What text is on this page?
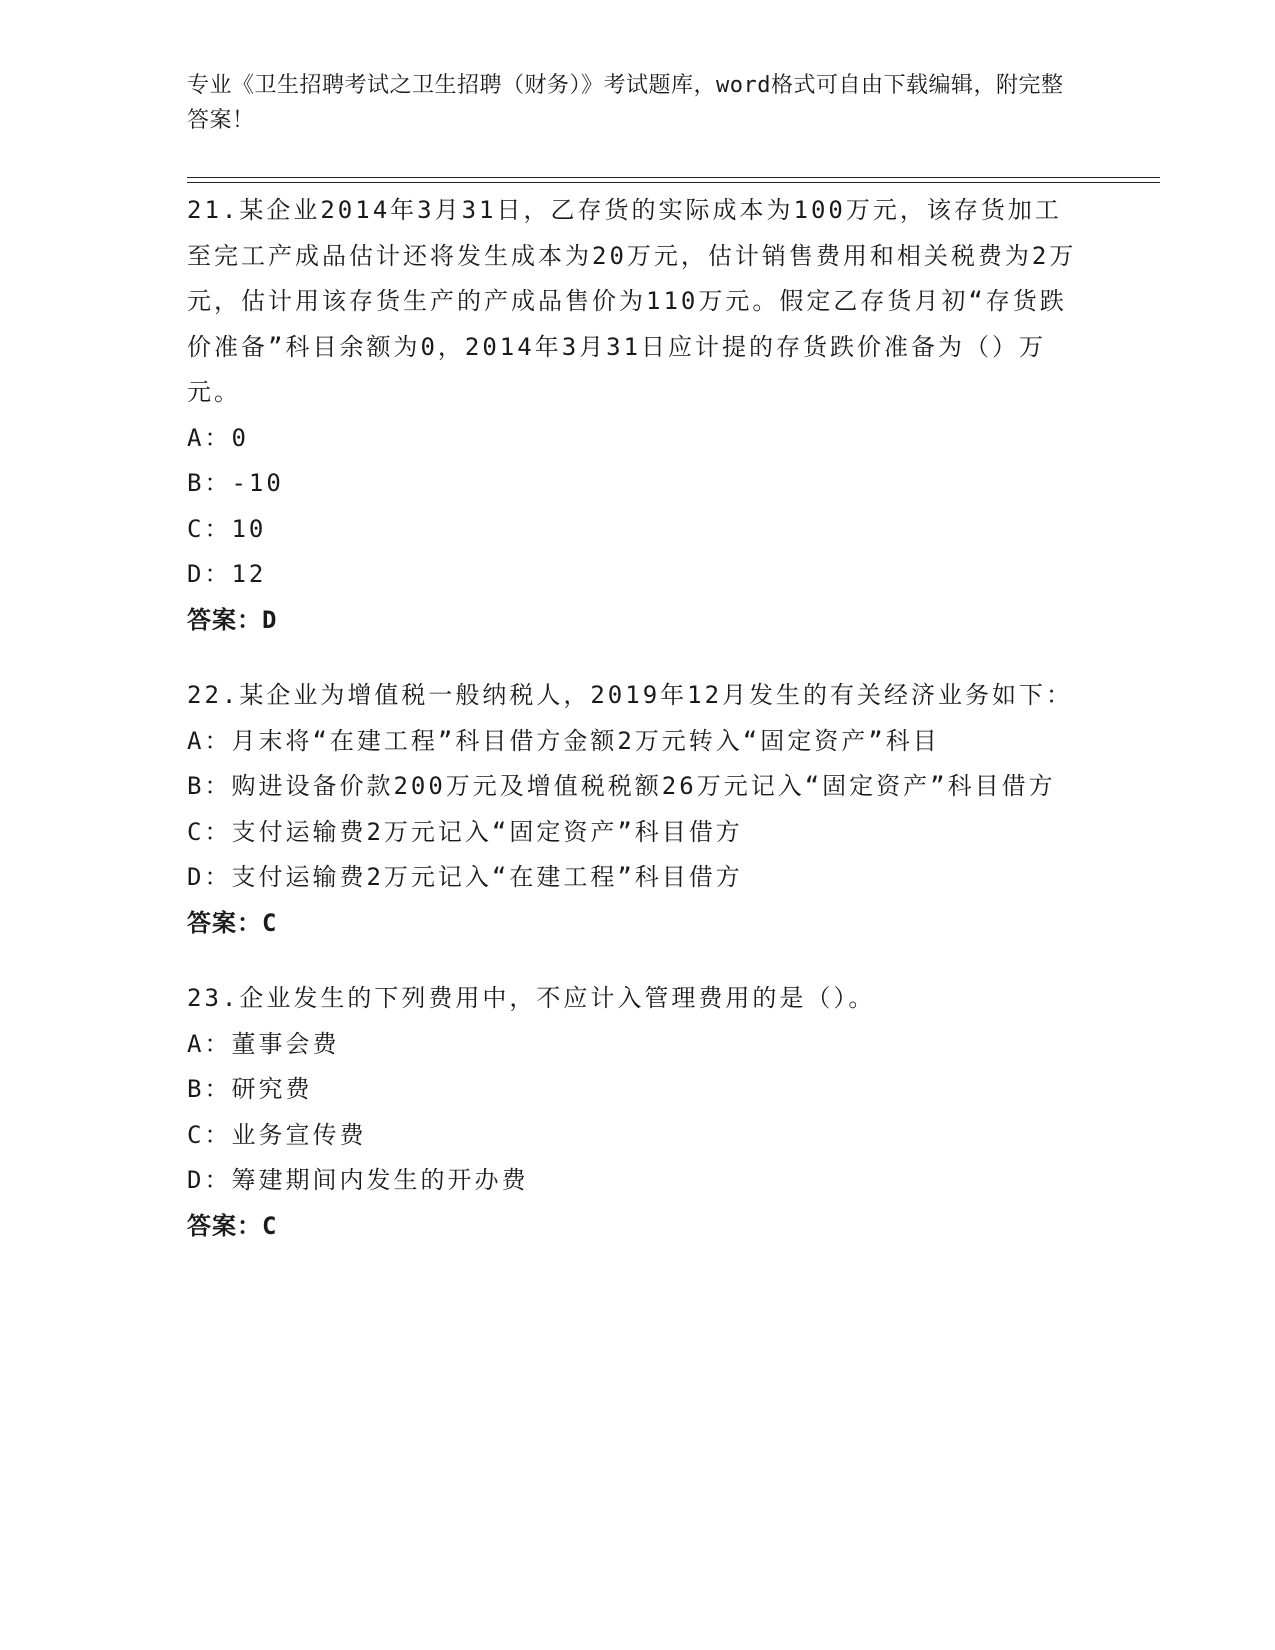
专业《卫生招聘考试之卫生招聘（财务）》考试题库，word格式可自由下载编辑，附完整答案！

21.某企业2014年3月31日，乙存货的实际成本为100万元，该存货加工至完工产成品估计还将发生成本为20万元，估计销售费用和相关税费为2万元，估计用该存货生产的产成品售价为110万元。假定乙存货月初“存货跌价准备”科目余额为0，2014年3月31日应计提的存货跌价准备为（）万元。

A：0

B：-10

C：10

D：12

答案：D

22.某企业为增值税一般纳税人，2019年12月发生的有关经济业务如下：

A：月末将“在建工程”科目借方金额2万元转入“固定资产”科目

B：购进设备价款200万元及增值税税额26万元记入“固定资产”科目借方

C：支付运输费2万元记入“固定资产”科目借方

D：支付运输费2万元记入“在建工程”科目借方

答案：C

23.企业发生的下列费用中，不应计入管理费用的是（）。

A：董事会费

B：研究费

C：业务宣传费

D：筹建期间内发生的开办费

答案：C
